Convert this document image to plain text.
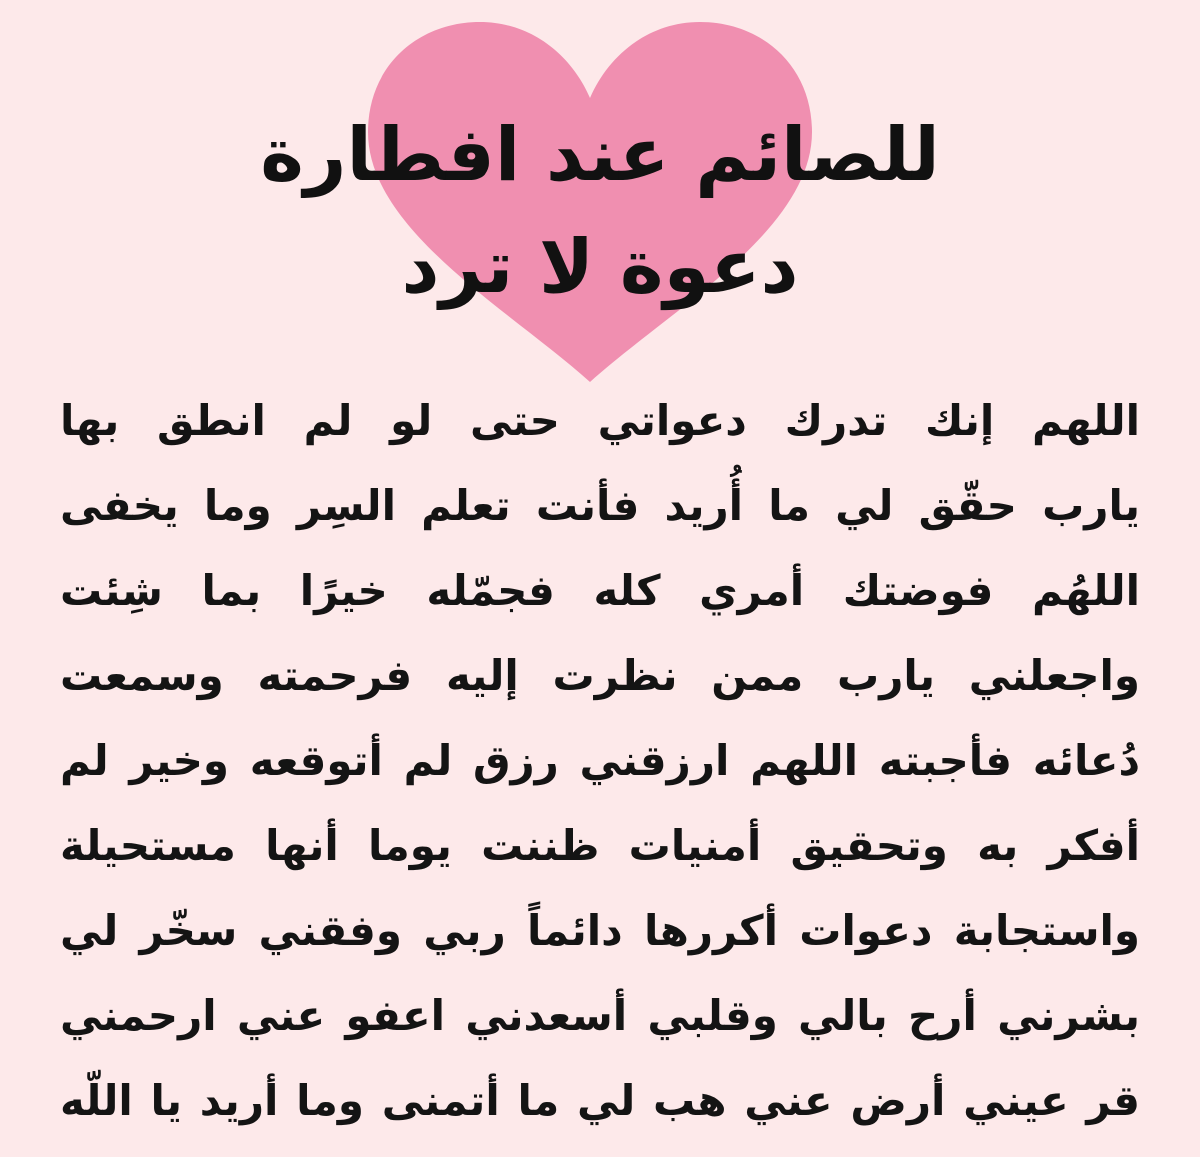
للصائم عند افطارة
دعوة لا ترد
اللهم إنك تدرك دعواتي حتى لو لم انطق بها
يارب حقّق لي ما أُريد فأنت تعلم السِر وما يخفى
اللهُم فوضتك أمري كله فجمّله خيرًا بما شِئت
واجعلني يارب ممن نظرت إليه فرحمته وسمعت
دُعائه فأجبته اللهم ارزقني رزق لم أتوقعه وخير لم
أفكر به وتحقيق أمنيات ظننت يوما أنها مستحيلة
واستجابة دعوات أكررها دائماً ربي وفقني سخّر لي
بشرني أرح بالي وقلبي أسعدني اعفو عني ارحمني
قر عيني أرض عني هب لي ما أتمنى وما أريد يا اللّه
